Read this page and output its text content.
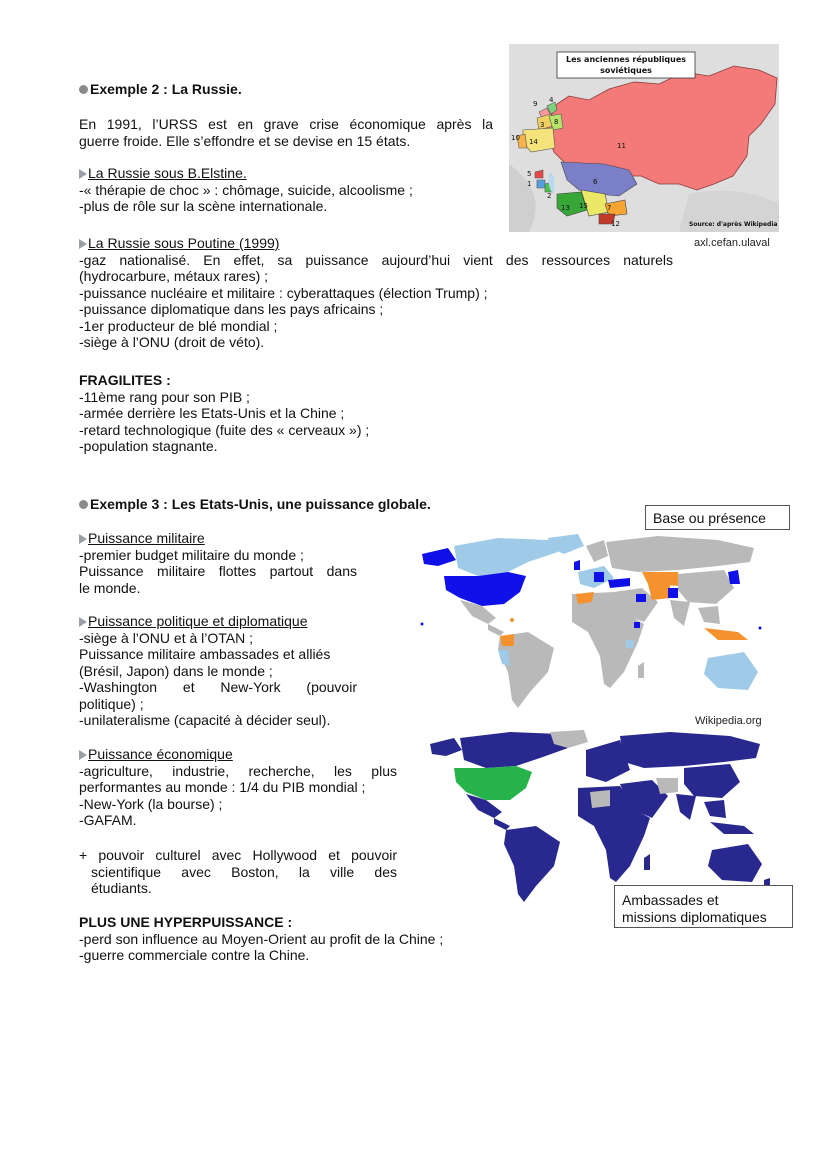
Exemple 2 : La Russie.

En 1991, l’URSS est en grave crise économique après la

guerre froide. Elle s’effondre et se devise en 15 états.

La Russie sous B.Elstine.

-« thérapie de choc » : chômage, suicide, alcoolisme ;

-plus de rôle sur la scène internationale.

La Russie sous Poutine (1999)

-gaz nationalisé. En effet, sa puissance aujourd’hui vient des ressources naturels

(hydrocarbure, métaux rares) ;

-puissance nucléaire et militaire : cyberattaques (élection Trump) ;

-puissance diplomatique dans les pays africains ;

-1er producteur de blé mondial ;

-siège à l’ONU (droit de véto).

FRAGILITES :

-11ème rang pour son PIB ;

-armée derrière les Etats-Unis et la Chine ;

-retard technologique (fuite des « cerveaux ») ;

-population stagnante.

Les anciennes républiques
soviétiques
11
9 4
3 8
10 14
5
1
2
6
13 15	7
12	Source: d'après Wikipedia
axl.cefan.ulaval
Exemple 3 : Les Etats-Unis, une puissance globale.

Puissance militaire

-premier budget militaire du monde ;

Puissance militaire flottes partout dans

le monde.

Puissance politique et diplomatique

-siège à l’ONU et à l’OTAN ;

Puissance militaire ambassades et alliés

(Brésil, Japon) dans le monde ;

-Washington et New-York (pouvoir

politique) ;

-unilateralisme (capacité à décider seul).

Puissance économique

-agriculture, industrie, recherche, les plus

performantes au monde : 1/4 du PIB mondial ;

-New-York (la bourse) ;

-GAFAM.

+ pouvoir culturel avec Hollywood et pouvoir

scientifique avec Boston, la ville des

étudiants.

PLUS UNE HYPERPUISSANCE :

-perd son influence au Moyen-Orient au profit de la Chine ;

-guerre commerciale contre la Chine.

Base ou présence
Wikipedia.org
Ambassades et
missions diplomatiques
